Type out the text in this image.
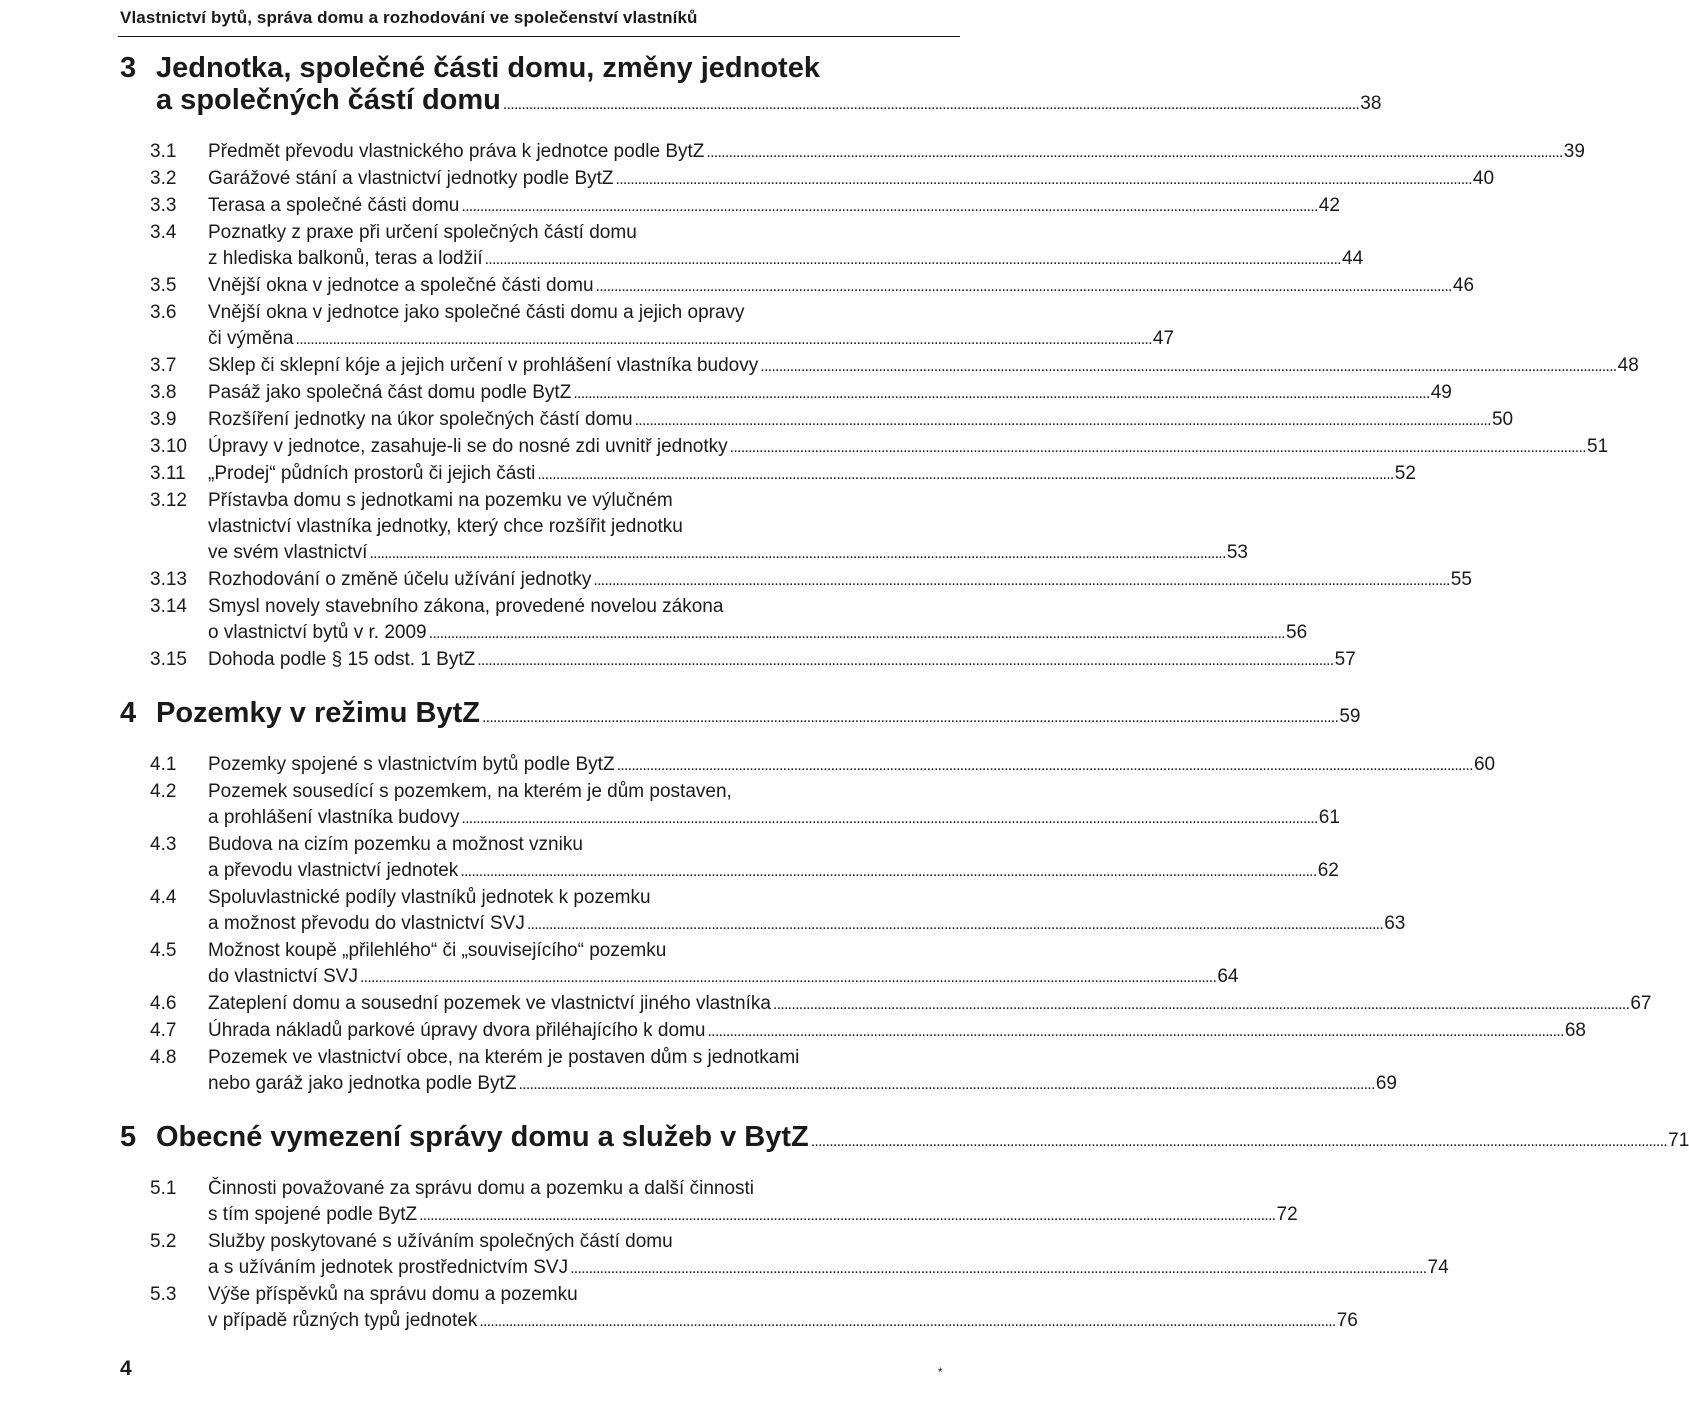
Vlastnictví bytů, správa domu a rozhodování ve společenství vlastníků
3 Jednotka, společné části domu, změny jednotek
a společných částí domu . . .	38
3.1	Předmět převodu vlastnického práva k jednotce podle BytZ . . .	39
3.2	Garážové stání a vlastnictví jednotky podle BytZ . . .	40
3.3	Terasa a společné části domu . . .	42
3.4	Poznatky z praxe při určení společných částí domu
z hlediska balkonů, teras a lodžií . . .	44
3.5	Vnější okna v jednotce a společné části domu . . .	46
3.6	Vnější okna v jednotce jako společné části domu a jejich opravy
či výměna . . .	47
3.7	Sklep či sklepní kóje a jejich určení v prohlášení vlastníka budovy . . .	48
3.8	Pasáž jako společná část domu podle BytZ . . .	49
3.9	Rozšíření jednotky na úkor společných částí domu . . .	50
3.10	Úpravy v jednotce, zasahuje-li se do nosné zdi uvnitř jednotky . . .	51
3.11	„Prodej“ půdních prostorů či jejich části . . .	52
3.12	Přístavba domu s jednotkami na pozemku ve výlučném
vlastnictví vlastníka jednotky, který chce rozšířit jednotku
ve svém vlastnictví . . .	53
3.13	Rozhodování o změně účelu užívání jednotky . . .	55
3.14	Smysl novely stavebního zákona, provedené novelou zákona
o vlastnictví bytů v r. 2009 . . .	56
3.15	Dohoda podle § 15 odst. 1 BytZ . . .	57
4 Pozemky v režimu BytZ . . .	59
4.1	Pozemky spojené s vlastnictvím bytů podle BytZ . . .	60
4.2	Pozemek sousedící s pozemkem, na kterém je dům postaven,
a prohlášení vlastníka budovy . . .	61
4.3	Budova na cizím pozemku a možnost vzniku
a převodu vlastnictví jednotek . . .	62
4.4	Spoluvlastnické podíly vlastníků jednotek k pozemku
a možnost převodu do vlastnictví SVJ . . .	63
4.5	Možnost koupě „přilehlého“ či „souvisejícího“ pozemku
do vlastnictví SVJ . . .	64
4.6	Zateplení domu a sousední pozemek ve vlastnictví jiného vlastníka . . .	67
4.7	Úhrada nákladů parkové úpravy dvora přiléhajícího k domu . . .	68
4.8	Pozemek ve vlastnictví obce, na kterém je postaven dům s jednotkami
nebo garáž jako jednotka podle BytZ . . .	69
5 Obecné vymezení správy domu a služeb v BytZ . . .	71
5.1	Činnosti považované za správu domu a pozemku a další činnosti
s tím spojené podle BytZ . . .	72
5.2	Služby poskytované s užíváním společných částí domu
a s užíváním jednotek prostřednictvím SVJ . . .	74
5.3	Výše příspěvků na správu domu a pozemku
v případě různých typů jednotek . . .	76
4	*
